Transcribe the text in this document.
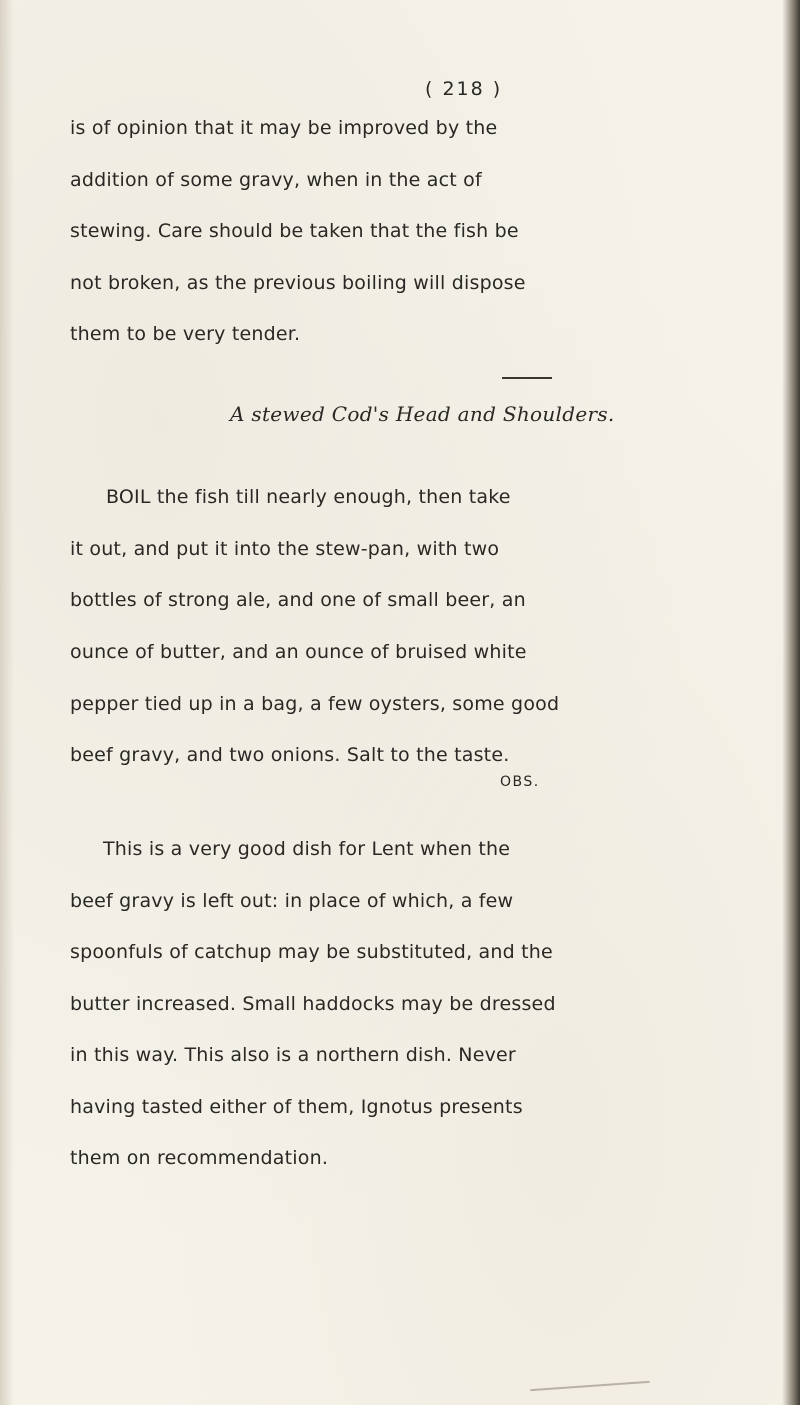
( 218 )
is of opinion that it may be improved by the
addition of some gravy, when in the act of
stewing. Care should be taken that the fish be
not broken, as the previous boiling will dispose
them to be very tender.
A stewed Cod's Head and Shoulders.
BOIL the fish till nearly enough, then take
it out, and put it into the stew-pan, with two
bottles of strong ale, and one of small beer, an
ounce of butter, and an ounce of bruised white
pepper tied up in a bag, a few oysters, some good
beef gravy, and two onions. Salt to the taste.
OBS.
This is a very good dish for Lent when the
beef gravy is left out: in place of which, a few
spoonfuls of catchup may be substituted, and the
butter increased. Small haddocks may be dressed
in this way. This also is a northern dish. Never
having tasted either of them, Ignotus presents
them on recommendation.
